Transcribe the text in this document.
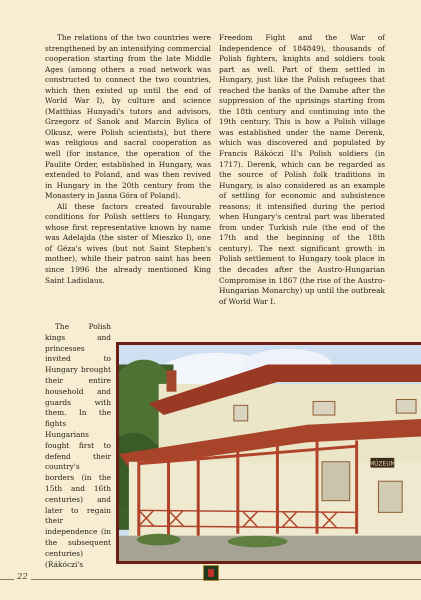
The relations of the two countries were strengthened by an intensifying commercial cooperation starting from the late Middle Ages (among others a road network was constructed to connect the two countries, which then existed up until the end of World War I), by culture and science (Matthias Hunyadi's tutors and advisors, Grzegorz of Sanok and Marcin Bylica of Olkusz, were Polish scientists), but there was religious and sacral cooperation as well (for instance, the operation of the Paulite Order, established in Hungary, was extended to Poland, and was then revived in Hungary in the 20th century from the Monastery in Jasna Góra of Poland).

All these factors created favourable conditions for Polish settlers to Hungary, whose first representative known by name was Adelajda (the sister of Mieszko I), one of Géza's wives (but not Saint Stephen's mother), while their patron saint has been since 1996 the already mentioned King Saint Ladislaus.

The Polish kings and princesses invited to Hungary brought their entire household and guards with them. In the fights Hungarians fought first to defend their country's borders (in the 15th and 16th centuries) and later to regain their independence (in the subsequent centuries) (Rákóczi's

Freedom Fight and the War of Independence of 184849), thousands of Polish fighters, knights and soldiers took part as well. Part of them settled in Hungary, just like the Polish refugees that reached the banks of the Danube after the suppression of the uprisings starting from the 18th century and continuing into the 19th century. This is how a Polish village was established under the name Derenk, which was discovered and populated by Francis Rákóczi II's Polish soldiers (in 1717). Derenk, which can be regarded as the source of Polish folk traditions in Hungary, is also considered as an example of settling for economic and subsistence reasons; it intensified during the period when Hungary's central part was liberated from under Turkish rule (the end of the 17th and the beginning of the 18th century). The next significant growth in Polish settlement to Hungary took place in the decades after the Austro-Hungarian Compromise in 1867 (the rise of the Austro-Hungarian Monarchy) up until the outbreak of World War I.

MÚZEUM
22
